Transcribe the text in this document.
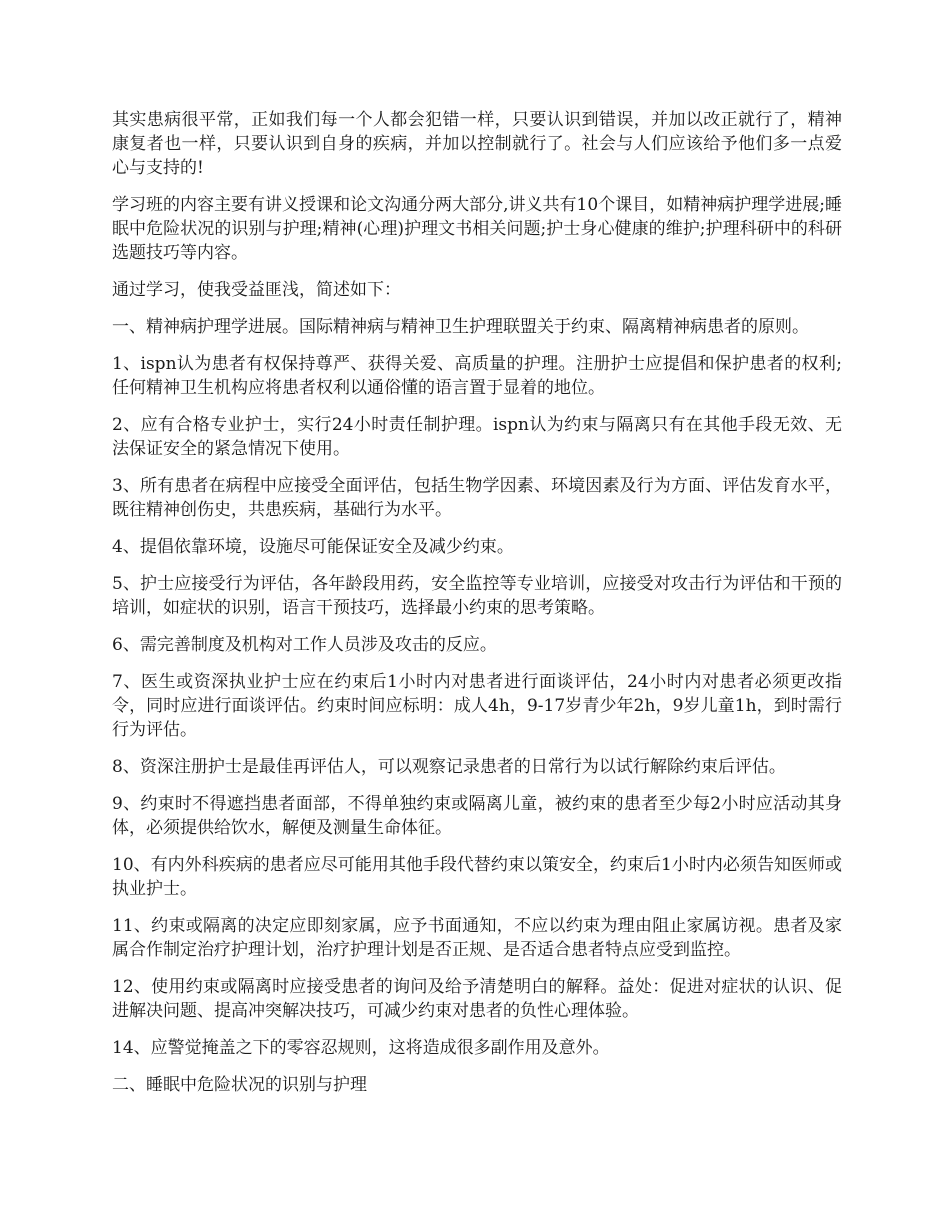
其实患病很平常，正如我们每一个人都会犯错一样，只要认识到错误，并加以改正就行了，精神康复者也一样，只要认识到自身的疾病，并加以控制就行了。社会与人们应该给予他们多一点爱心与支持的!

学习班的内容主要有讲义授课和论文沟通分两大部分,讲义共有10个课目，如精神病护理学进展;睡眠中危险状况的识别与护理;精神(心理)护理文书相关问题;护士身心健康的维护;护理科研中的科研选题技巧等内容。

通过学习，使我受益匪浅，简述如下：

一、精神病护理学进展。国际精神病与精神卫生护理联盟关于约束、隔离精神病患者的原则。

1、ispn认为患者有权保持尊严、获得关爱、高质量的护理。注册护士应提倡和保护患者的权利;任何精神卫生机构应将患者权利以通俗懂的语言置于显着的地位。

2、应有合格专业护士，实行24小时责任制护理。ispn认为约束与隔离只有在其他手段无效、无法保证安全的紧急情况下使用。

3、所有患者在病程中应接受全面评估，包括生物学因素、环境因素及行为方面、评估发育水平，既往精神创伤史，共患疾病，基础行为水平。

4、提倡依靠环境，设施尽可能保证安全及减少约束。

5、护士应接受行为评估，各年龄段用药，安全监控等专业培训，应接受对攻击行为评估和干预的培训，如症状的识别，语言干预技巧，选择最小约束的思考策略。

6、需完善制度及机构对工作人员涉及攻击的反应。

7、医生或资深执业护士应在约束后1小时内对患者进行面谈评估，24小时内对患者必须更改指令，同时应进行面谈评估。约束时间应标明：成人4h，9-17岁青少年2h，9岁儿童1h，到时需行行为评估。

8、资深注册护士是最佳再评估人，可以观察记录患者的日常行为以试行解除约束后评估。

9、约束时不得遮挡患者面部，不得单独约束或隔离儿童，被约束的患者至少每2小时应活动其身体，必须提供给饮水，解便及测量生命体征。

10、有内外科疾病的患者应尽可能用其他手段代替约束以策安全，约束后1小时内必须告知医师或执业护士。

11、约束或隔离的决定应即刻家属，应予书面通知，不应以约束为理由阻止家属访视。患者及家属合作制定治疗护理计划，治疗护理计划是否正规、是否适合患者特点应受到监控。

12、使用约束或隔离时应接受患者的询问及给予清楚明白的解释。益处：促进对症状的认识、促进解决问题、提高冲突解决技巧，可减少约束对患者的负性心理体验。

14、应警觉掩盖之下的零容忍规则，这将造成很多副作用及意外。

二、睡眠中危险状况的识别与护理
